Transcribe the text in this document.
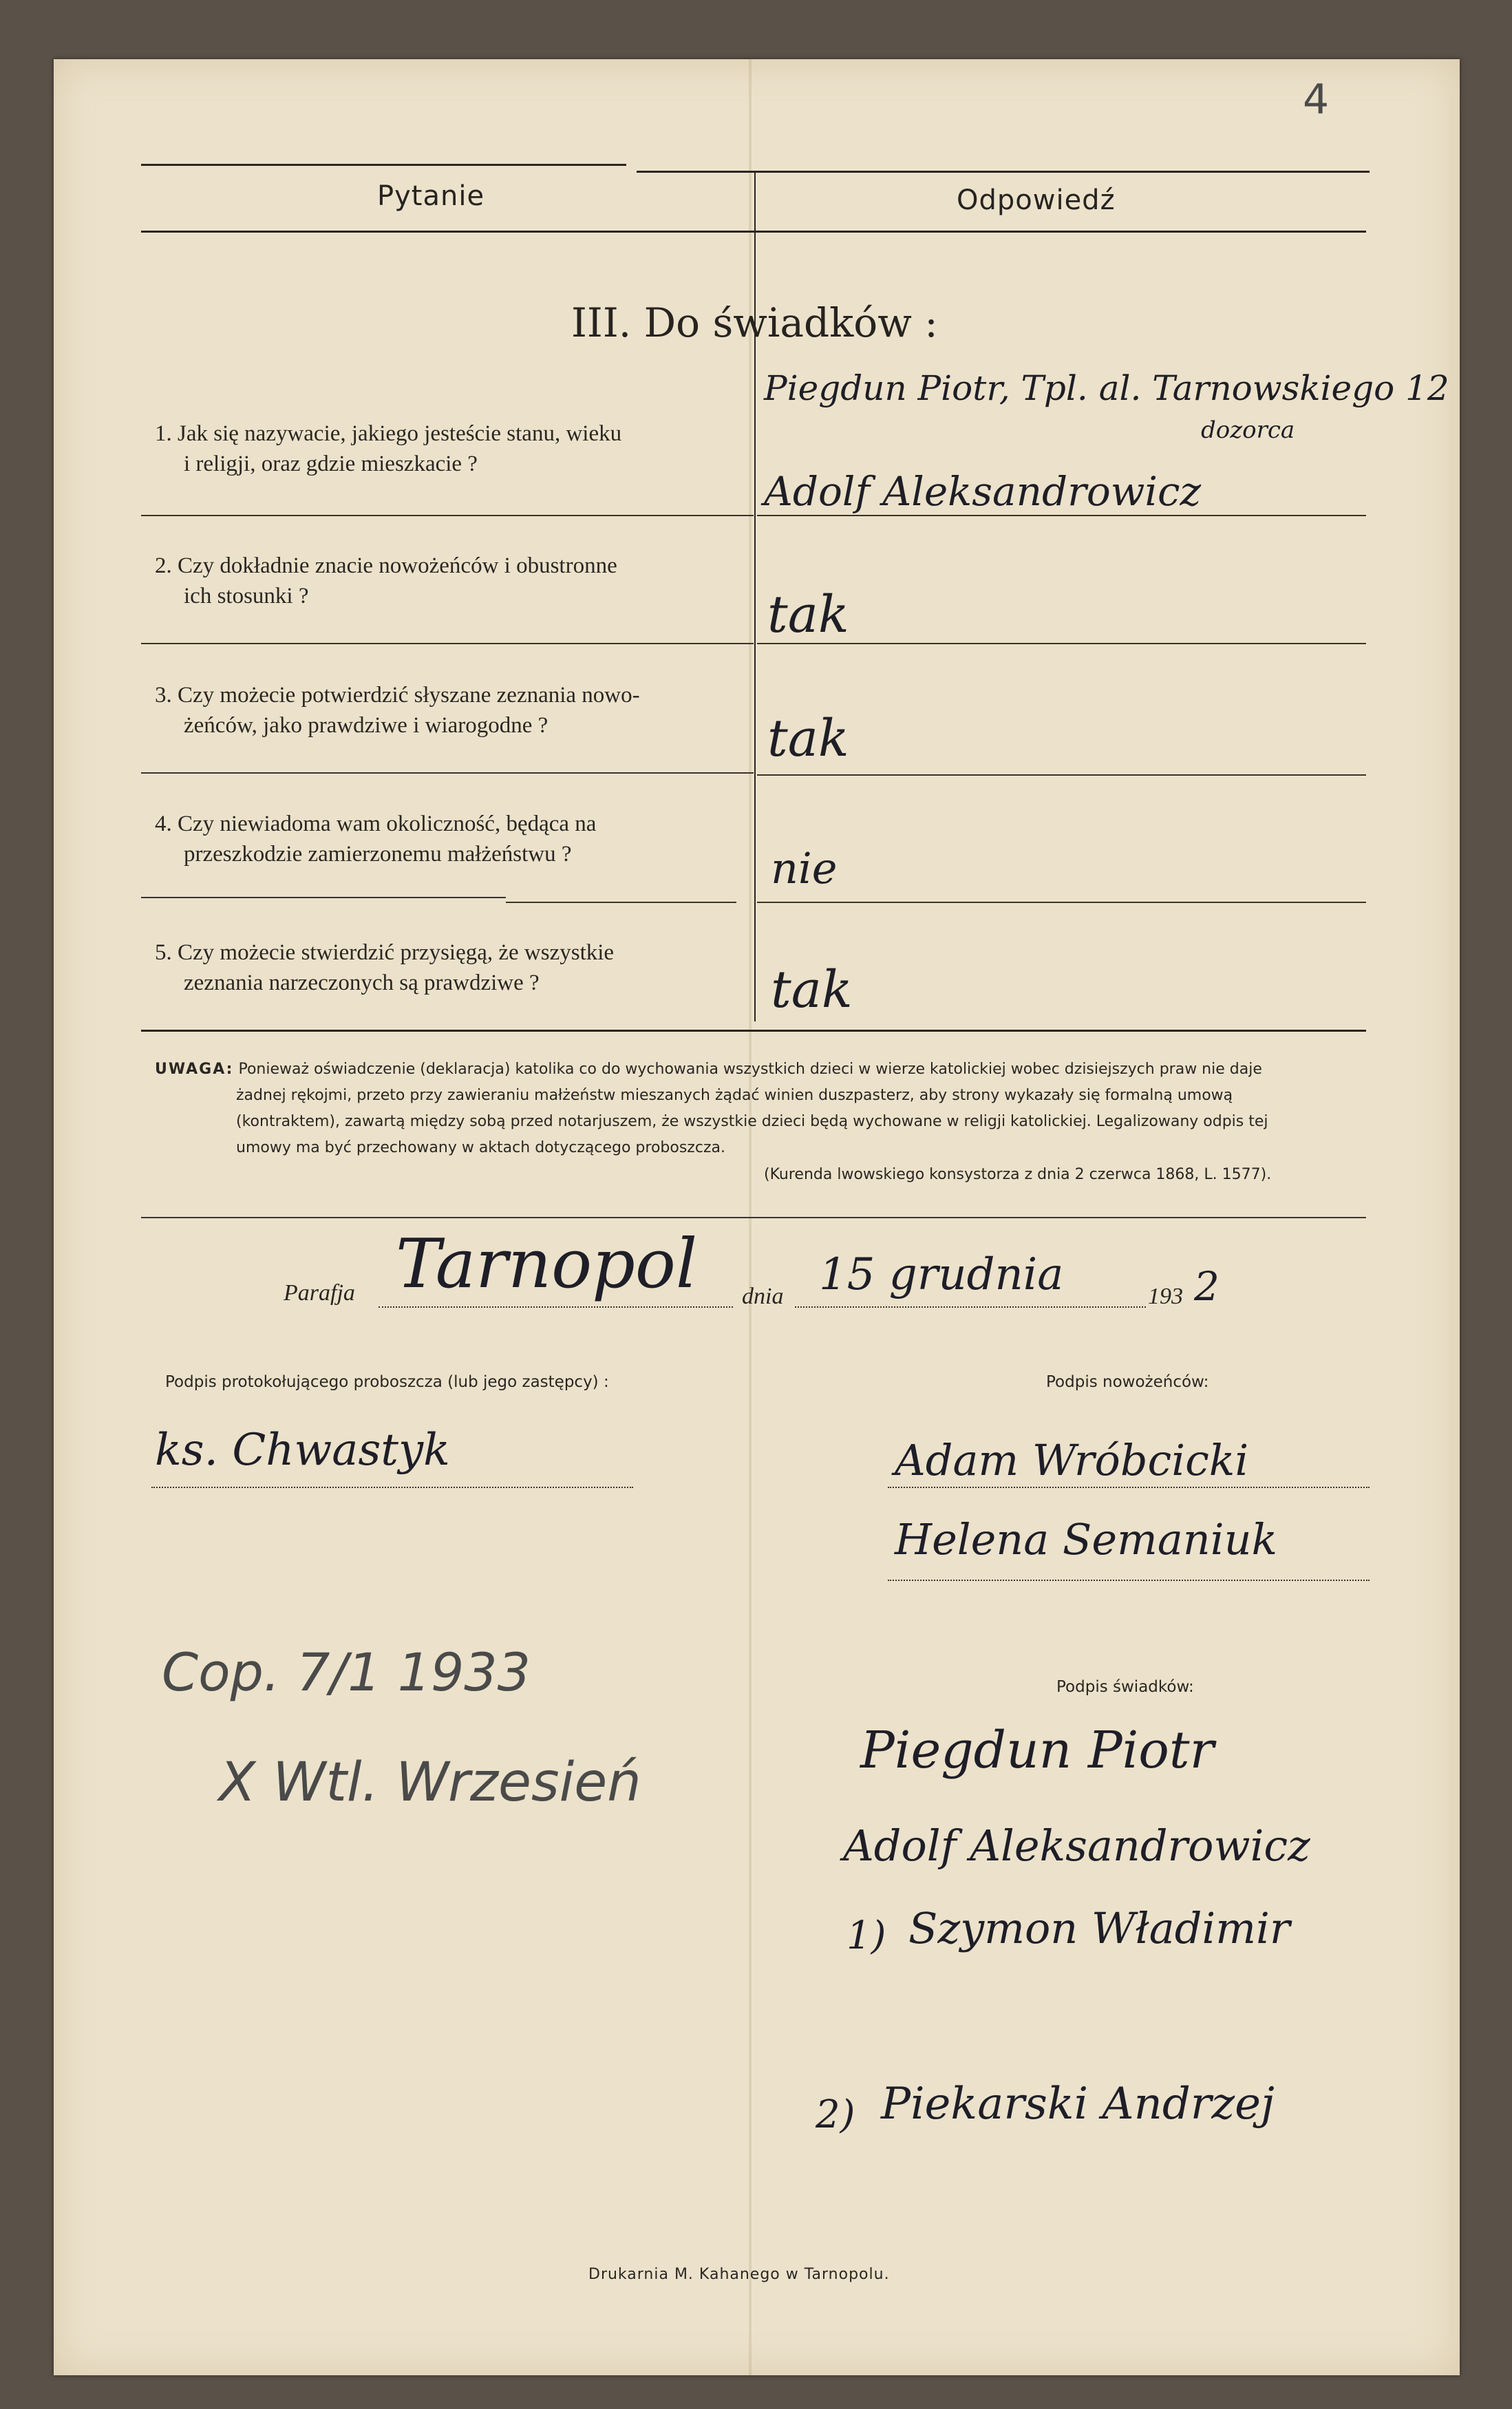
4
Pytanie	Odpowiedź
III. Do świadków :
1. Jak się nazywacie, jakiego jesteście stanu, wieku
i religji, oraz gdzie mieszkacie ?
Piegdun Piotr, Tpl. al. Tarnowskiego 12
dozorca
Adolf Aleksandrowicz
2. Czy dokładnie znacie nowożeńców i obustronne
ich stosunki ?	tak
3. Czy możecie potwierdzić słyszane zeznania nowo-
żeńców, jako prawdziwe i wiarogodne ?	tak
4. Czy niewiadoma wam okoliczność, będąca na
przeszkodzie zamierzonemu małżeństwu ?	nie
5. Czy możecie stwierdzić przysięgą, że wszystkie
zeznania narzeczonych są prawdziwe ?	tak
UWAGA: Ponieważ oświadczenie (deklaracja) katolika co do wychowania wszystkich dzieci w wierze katolickiej wobec dzisiejszych praw nie daje
żadnej rękojmi, przeto przy zawieraniu małżeństw mieszanych żądać winien duszpasterz, aby strony wykazały się formalną umową
(kontraktem), zawartą między sobą przed notarjuszem, że wszystkie dzieci będą wychowane w religji katolickiej. Legalizowany odpis tej
umowy ma być przechowany w aktach dotyczącego proboszcza.
(Kurenda lwowskiego konsystorza z dnia 2 czerwca 1868, L. 1577).
Parafja Tarnopol dnia 15 grudnia	193 2
Podpis protokołującego proboszcza (lub jego zastępcy) :	Podpis nowożeńców:
ks. Chwastyk	Adam Wróbcicki
Helena Semaniuk
Cop. 7/1 1933
X Wtl. Wrzesień
Podpis świadków:
Piegdun Piotr
Adolf Aleksandrowicz
1) Szymon Władimir
2) Piekarski Andrzej
Drukarnia M. Kahanego w Tarnopolu.
